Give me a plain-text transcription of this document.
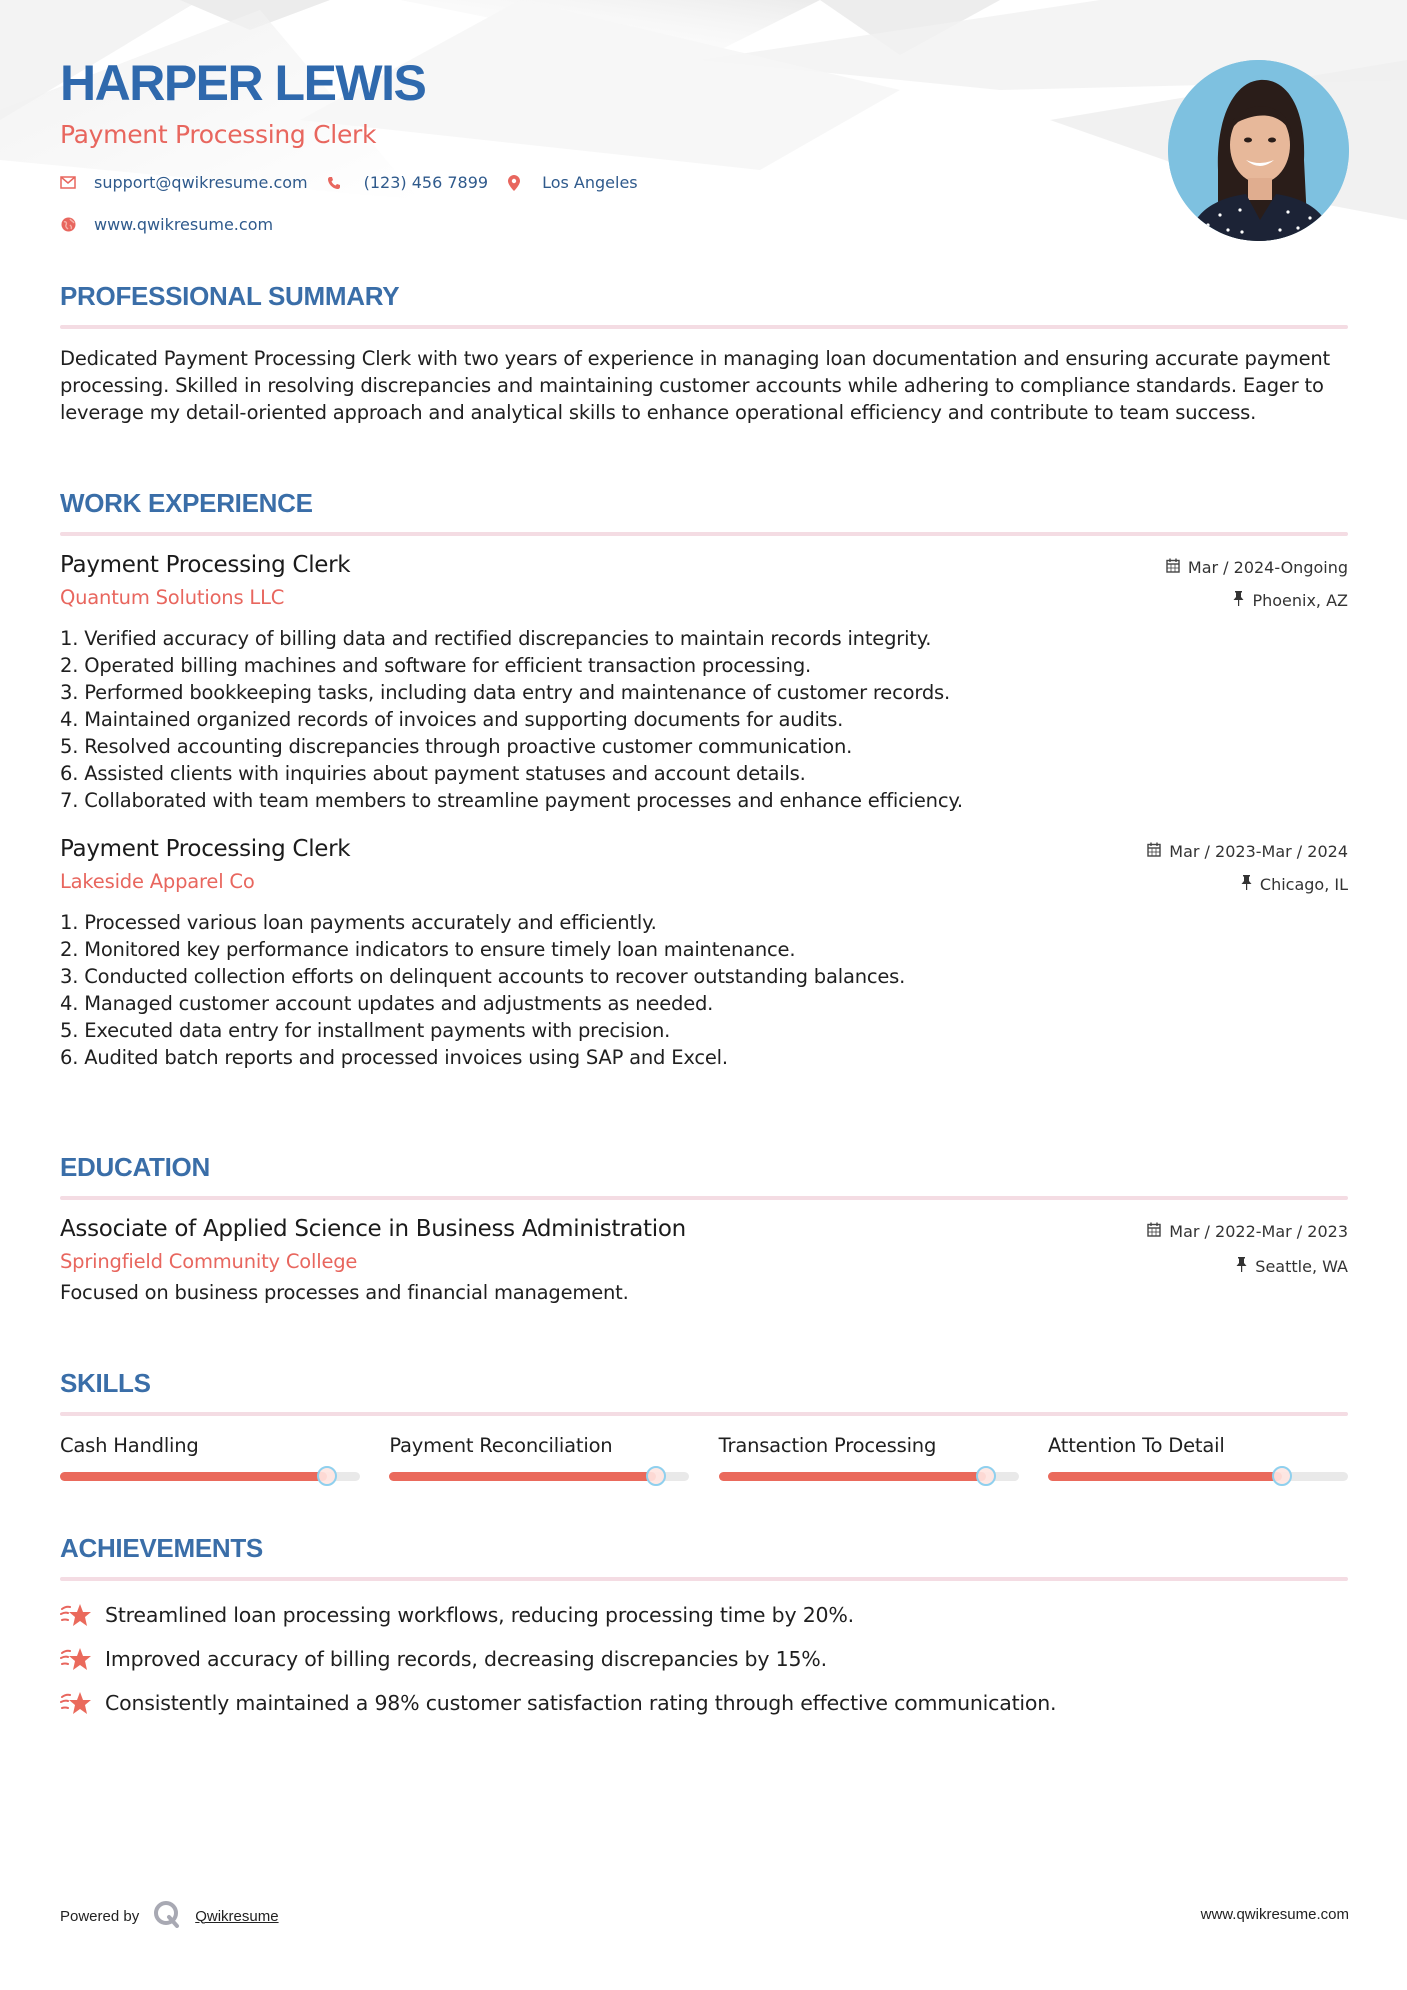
HARPER LEWIS
Payment Processing Clerk
support@qwikresume.com	(123) 456 7899	Los Angeles
www.qwikresume.com
PROFESSIONAL SUMMARY
Dedicated Payment Processing Clerk with two years of experience in managing loan documentation and ensuring accurate payment processing. Skilled in resolving discrepancies and maintaining customer accounts while adhering to compliance standards. Eager to leverage my detail-oriented approach and analytical skills to enhance operational efficiency and contribute to team success.
WORK EXPERIENCE
Payment Processing Clerk
Quantum Solutions LLC
Mar / 2024-Ongoing
Phoenix, AZ
1. Verified accuracy of billing data and rectified discrepancies to maintain records integrity.
2. Operated billing machines and software for efficient transaction processing.
3. Performed bookkeeping tasks, including data entry and maintenance of customer records.
4. Maintained organized records of invoices and supporting documents for audits.
5. Resolved accounting discrepancies through proactive customer communication.
6. Assisted clients with inquiries about payment statuses and account details.
7. Collaborated with team members to streamline payment processes and enhance efficiency.
Payment Processing Clerk
Lakeside Apparel Co
Mar / 2023-Mar / 2024
Chicago, IL
1. Processed various loan payments accurately and efficiently.
2. Monitored key performance indicators to ensure timely loan maintenance.
3. Conducted collection efforts on delinquent accounts to recover outstanding balances.
4. Managed customer account updates and adjustments as needed.
5. Executed data entry for installment payments with precision.
6. Audited batch reports and processed invoices using SAP and Excel.
EDUCATION
Associate of Applied Science in Business Administration
Springfield Community College
Mar / 2022-Mar / 2023
Seattle, WA
Focused on business processes and financial management.
SKILLS
Cash Handling	Payment Reconciliation	Transaction Processing	Attention To Detail
ACHIEVEMENTS
Streamlined loan processing workflows, reducing processing time by 20%.
Improved accuracy of billing records, decreasing discrepancies by 15%.
Consistently maintained a 98% customer satisfaction rating through effective communication.
Powered by	Qwikresume	www.qwikresume.com
